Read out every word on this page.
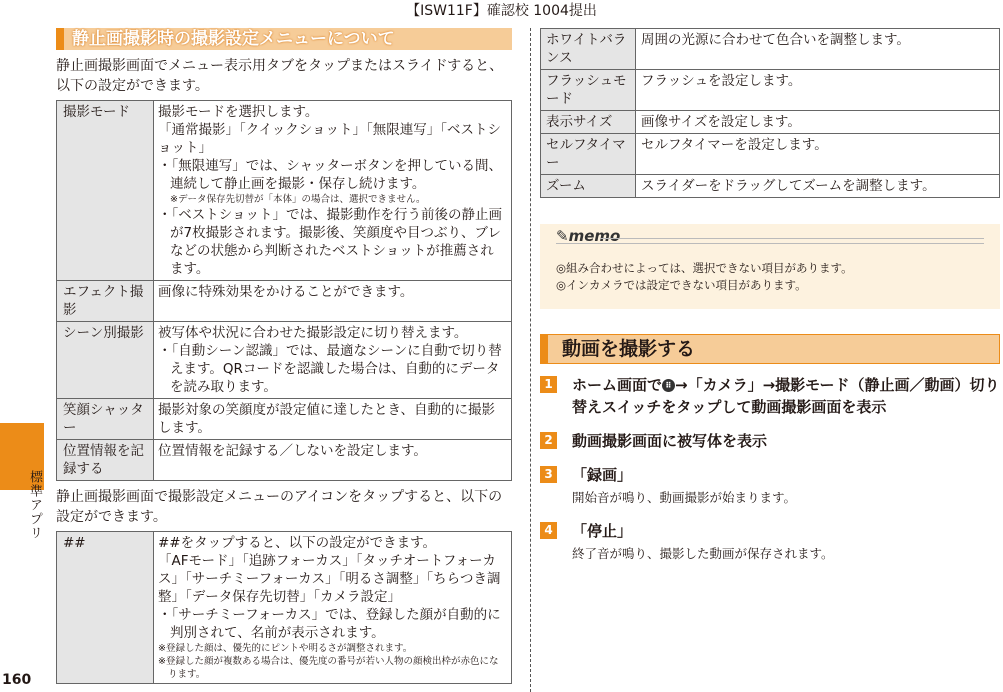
【ISW11F】確認校 1004提出
標準アプリ
160
静止画撮影時の撮影設定メニューについて

静止画撮影画面でメニュー表示用タブをタップまたはスライドすると、以下の設定ができます。

撮影モード	撮影モードを選択します。
「通常撮影」「クイックショット」「無限連写」「ベストショット」
・「無限連写」では、シャッターボタンを押している間、連続して静止画を撮影・保存し続けます。
※データ保存先切替が「本体」の場合は、選択できません。
・「ベストショット」では、撮影動作を行う前後の静止画が7枚撮影されます。撮影後、笑顔度や目つぶり、ブレなどの状態から判断されたベストショットが推薦されます。

エフェクト撮影	画像に特殊効果をかけることができます。

シーン別撮影	被写体や状況に合わせた撮影設定に切り替えます。
・「自動シーン認識」では、最適なシーンに自動で切り替えます。QRコードを認識した場合は、自動的にデータを読み取ります。

笑顔シャッター	撮影対象の笑顔度が設定値に達したとき、自動的に撮影します。
位置情報を記録する	位置情報を記録する／しないを設定します。

静止画撮影画面で撮影設定メニューのアイコンをタップすると、以下の設定ができます。

##	##をタップすると、以下の設定ができます。
「AFモード」「追跡フォーカス」「タッチオートフォーカス」「サーチミーフォーカス」「明るさ調整」「ちらつき調整」「データ保存先切替」「カメラ設定」
・「サーチミーフォーカス」では、登録した顔が自動的に判別されて、名前が表示されます。
※登録した顔は、優先的にピントや明るさが調整されます。
※登録した顔が複数ある場合は、優先度の番号が若い人物の顔検出枠が赤色になります。
ホワイトバランス	周囲の光源に合わせて色合いを調整します。
フラッシュモード	フラッシュを設定します。
表示サイズ	画像サイズを設定します。
セルフタイマー	セルフタイマーを設定します。
ズーム	スライダーをドラッグしてズームを調整します。
✎memo
◎組み合わせによっては、選択できない項目があります。
◎インカメラでは設定できない項目があります。
動画を撮影する
1 ホーム画面で ⠿ →「カメラ」→撮影モード（静止画／動画）切り替えスイッチをタップして動画撮影画面を表示
2 動画撮影画面に被写体を表示
3 「録画」
開始音が鳴り、動画撮影が始まります。
4 「停止」
終了音が鳴り、撮影した動画が保存されます。
